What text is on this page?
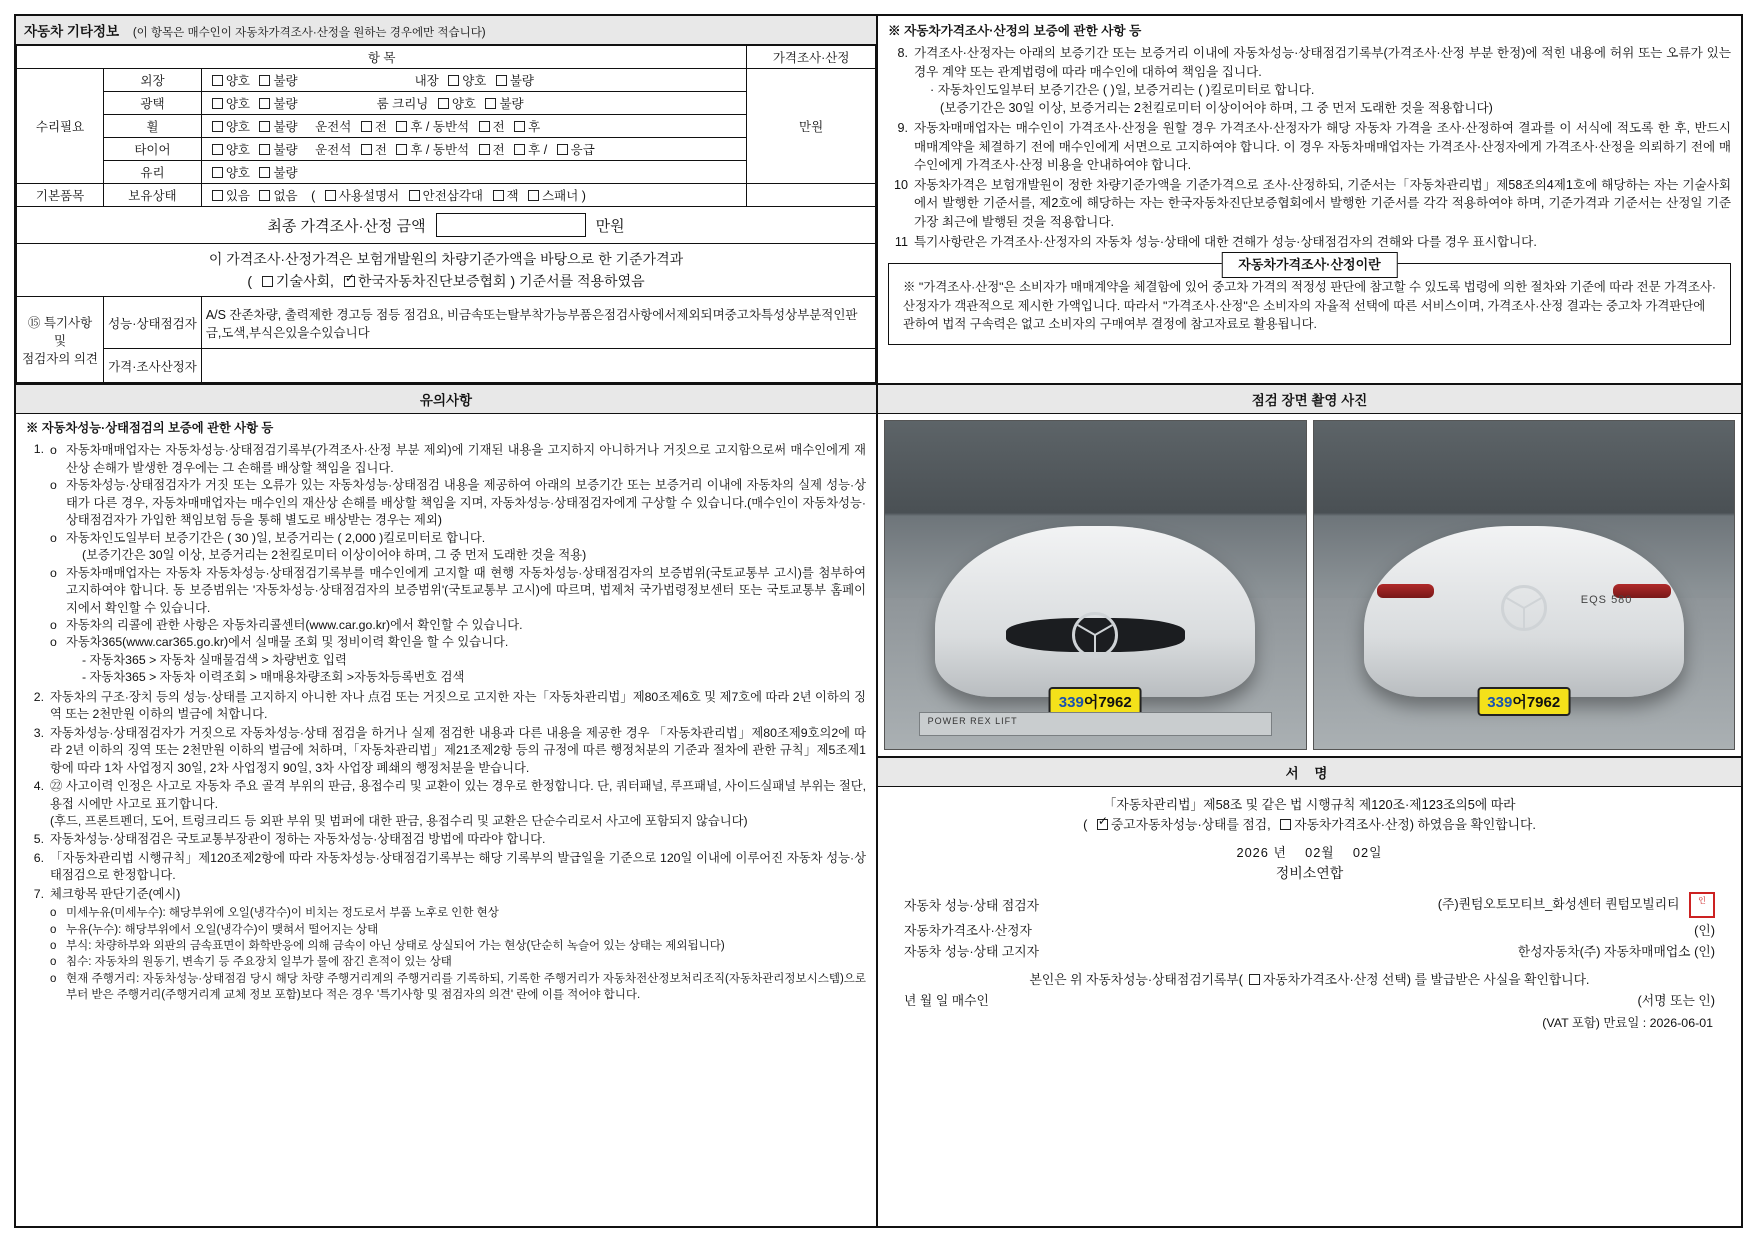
자동차 기타정보 (이 항목은 매수인이 자동차가격조사·산정을 원하는 경우에만 적습니다)
항 목			가격조사·산정
수리필요	외장	양호 불량 내장 양호 불량	만원
	광택	양호 불량 룸 크리닝 양호 불량	
	휠	양호 불량 운전석 전 후 / 동반석 전 후	
	타이어	양호 불량 운전석 전 후 / 동반석 전 후 / 응급	
	유리	양호 불량	
기본품목	보유상태	있음 없음 ( 사용설명서 안전삼각대 잭 스패너 )	

최종 가격조사·산정 금액 만원			

이 가격조사·산정가격은 보험개발원의 차량기준가액을 바탕으로 한 기준가격과
( 기술사회, ✓ 한국자동차진단보증협회 ) 기준서를 적용하였음

⑮ 특기사항 및
점검자의 의견	성능·상태점검자	A/S 잔존차량, 출력제한 경고등 점등 점검요, 비금속또는탈부착가능부품은점검사항에서제외되며중고차특성상부분적인판금,도색,부식은있을수있습니다	
	가격·조사산정자		
※ 자동차가격조사·산정의 보증에 관한 사항 등
8. 가격조사·산정자는 아래의 보증기간 또는 보증거리 이내에 자동차성능·상태점검기록부(가격조사·산정 부분 한정)에 적힌 내용에 허위 또는 오류가 있는 경우 계약 또는 관계법령에 따라 매수인에 대하여 책임을 집니다.
· 자동차인도일부터 보증기간은 ( )일, 보증거리는 ( )킬로미터로 합니다.
(보증기간은 30일 이상, 보증거리는 2천킬로미터 이상이어야 하며, 그 중 먼저 도래한 것을 적용합니다)
9. 자동차매매업자는 매수인이 가격조사·산정을 원할 경우 가격조사·산정자가 해당 자동차 가격을 조사·산정하여 결과를 이 서식에 적도록 한 후, 반드시 매매계약을 체결하기 전에 매수인에게 서면으로 고지하여야 합니다. 이 경우 자동차매매업자는 가격조사·산정자에게 가격조사·산정을 의뢰하기 전에 매수인에게 가격조사·산정 비용을 안내하여야 합니다.
10 자동차가격은 보험개발원이 정한 차량기준가액을 기준가격으로 조사·산정하되, 기준서는「자동차관리법」제58조의4제1호에 해당하는 자는 기술사회에서 발행한 기준서를, 제2호에 해당하는 자는 한국자동차진단보증협회에서 발행한 기준서를 각각 적용하여야 하며, 기준가격과 기준서는 산정일 기준 가장 최근에 발행된 것을 적용합니다.
11 특기사항란은 가격조사·산정자의 자동차 성능·상태에 대한 견해가 성능·상태점검자의 견해와 다를 경우 표시합니다.
자동차가격조사·산정이란
※ "가격조사·산정"은 소비자가 매매계약을 체결함에 있어 중고차 가격의 적정성 판단에 참고할 수 있도록 법령에 의한 절차와 기준에 따라 전문 가격조사·산정자가 객관적으로 제시한 가액입니다. 따라서 "가격조사·산정"은 소비자의 자율적 선택에 따른 서비스이며, 가격조사·산정 결과는 중고차 가격판단에 관하여 법적 구속력은 없고 소비자의 구매여부 결정에 참고자료로 활용됩니다.
유의사항	점검 장면 촬영 사진
※ 자동차성능·상태점검의 보증에 관한 사항 등
1. o 자동차매매업자는 자동차성능·상태점검기록부(가격조사·산정 부분 제외)에 기재된 내용을 고지하지 아니하거나 거짓으로 고지함으로써 매수인에게 재산상 손해가 발생한 경우에는 그 손해를 배상할 책임을 집니다.
o 자동차성능·상태점검자가 거짓 또는 오류가 있는 자동차성능·상태점검 내용을 제공하여 아래의 보증기간 또는 보증거리 이내에 자동차의 실제 성능·상태가 다른 경우, 자동차매매업자는 매수인의 재산상 손해를 배상할 책임을 지며, 자동차성능·상태점검자에게 구상할 수 있습니다.(매수인이 자동차성능·상태점검자가 가입한 책임보험 등을 통해 별도로 배상받는 경우는 제외)
o 자동차인도일부터 보증기간은 ( 30 )일, 보증거리는 ( 2,000 )킬로미터로 합니다.
(보증기간은 30일 이상, 보증거리는 2천킬로미터 이상이어야 하며, 그 중 먼저 도래한 것을 적용)
o 자동차매매업자는 자동차 자동차성능·상태점검기록부를 매수인에게 고지할 때 현행 자동차성능·상태점검자의 보증범위(국토교통부 고시)를 첨부하여 고지하여야 합니다. 동 보증범위는 '자동차성능·상태점검자의 보증범위'(국토교통부 고시)에 따르며, 법제처 국가법령정보센터 또는 국토교통부 홈페이지에서 확인할 수 있습니다.
o 자동차의 리콜에 관한 사항은 자동차리콜센터(www.car.go.kr)에서 확인할 수 있습니다.
o 자동차365(www.car365.go.kr)에서 실매물 조회 및 정비이력 확인을 할 수 있습니다.
- 자동차365 > 자동차 실매물검색 > 차량번호 입력
- 자동차365 > 자동차 이력조회 > 매매용차량조회 >자동차등록번호 검색
2. 자동차의 구조·장치 등의 성능·상태를 고지하지 아니한 자나 点검 또는 거짓으로 고지한 자는「자동차관리법」제80조제6호 및 제7호에 따라 2년 이하의 징역 또는 2천만원 이하의 벌금에 처합니다.
3. 자동차성능·상태점검자가 거짓으로 자동차성능·상태 점검을 하거나 실제 점검한 내용과 다른 내용을 제공한 경우 「자동차관리법」제80조제9호의2에 따라 2년 이하의 징역 또는 2천만원 이하의 벌금에 처하며,「자동차관리법」제21조제2항 등의 규정에 따른 행정처분의 기준과 절차에 관한 규칙」제5조제1항에 따라 1차 사업정지 30일, 2차 사업정지 90일, 3차 사업장 폐쇄의 행정처분을 받습니다.
4. ㉒ 사고이력 인정은 사고로 자동차 주요 골격 부위의 판금, 용접수리 및 교환이 있는 경우로 한정합니다. 단, 쿼터패널, 루프패널, 사이드실패널 부위는 절단, 용접 시에만 사고로 표기합니다.
(후드, 프론트펜더, 도어, 트렁크리드 등 외판 부위 및 범퍼에 대한 판금, 용접수리 및 교환은 단순수리로서 사고에 포함되지 않습니다)
5. 자동차성능·상태점검은 국토교통부장관이 정하는 자동차성능·상태점검 방법에 따라야 합니다.
6. 「자동차관리법 시행규칙」제120조제2항에 따라 자동차성능·상태점검기록부는 해당 기록부의 발급일을 기준으로 120일 이내에 이루어진 자동차 성능·상태점검으로 한정합니다.
7. 체크항목 판단기준(예시)
o 미세누유(미세누수): 해당부위에 오일(냉각수)이 비치는 정도로서 부품 노후로 인한 현상
o 누유(누수): 해당부위에서 오일(냉각수)이 맺혀서 떨어지는 상태
o 부식: 차량하부와 외판의 금속표면이 화학반응에 의해 금속이 아닌 상태로 상실되어 가는 현상(단순히 녹슬어 있는 상태는 제외됩니다)
o 침수: 자동차의 원동기, 변속기 등 주요장치 일부가 물에 잠긴 흔적이 있는 상태
o 현재 주행거리: 자동차성능·상태점검 당시 해당 차량 주행거리계의 주행거리를 기록하되, 기록한 주행거리가 자동차전산정보처리조직(자동차관리정보시스템)으로부터 받은 주행거리(주행거리계 교체 정보 포함)보다 적은 경우 '특기사항 및 점검자의 의견' 란에 이를 적어야 합니다.
339어7962
POWER REX LIFT
EQS 580
339어7962
서 명
「자동차관리법」제58조 및 같은 법 시행규칙 제120조·제123조의5에 따라
( ✓ 중고자동차성능·상태를 점검, 자동차가격조사·산정) 하였음을 확인합니다.
2026 년 02월 02일
정비소연합
자동차 성능·상태 점검자	(주)퀀텀오토모티브_화성센터 퀀텀모빌리티 인
자동차가격조사·산정자	(인)
자동차 성능·상태 고지자	한성자동차(주) 자동차매매업소 (인)
본인은 위 자동차성능·상태점검기록부( 자동차가격조사·산정 선택) 를 발급받은 사실을 확인합니다.
년 월 일 매수인	(서명 또는 인)
(VAT 포함) 만료일 : 2026-06-01
